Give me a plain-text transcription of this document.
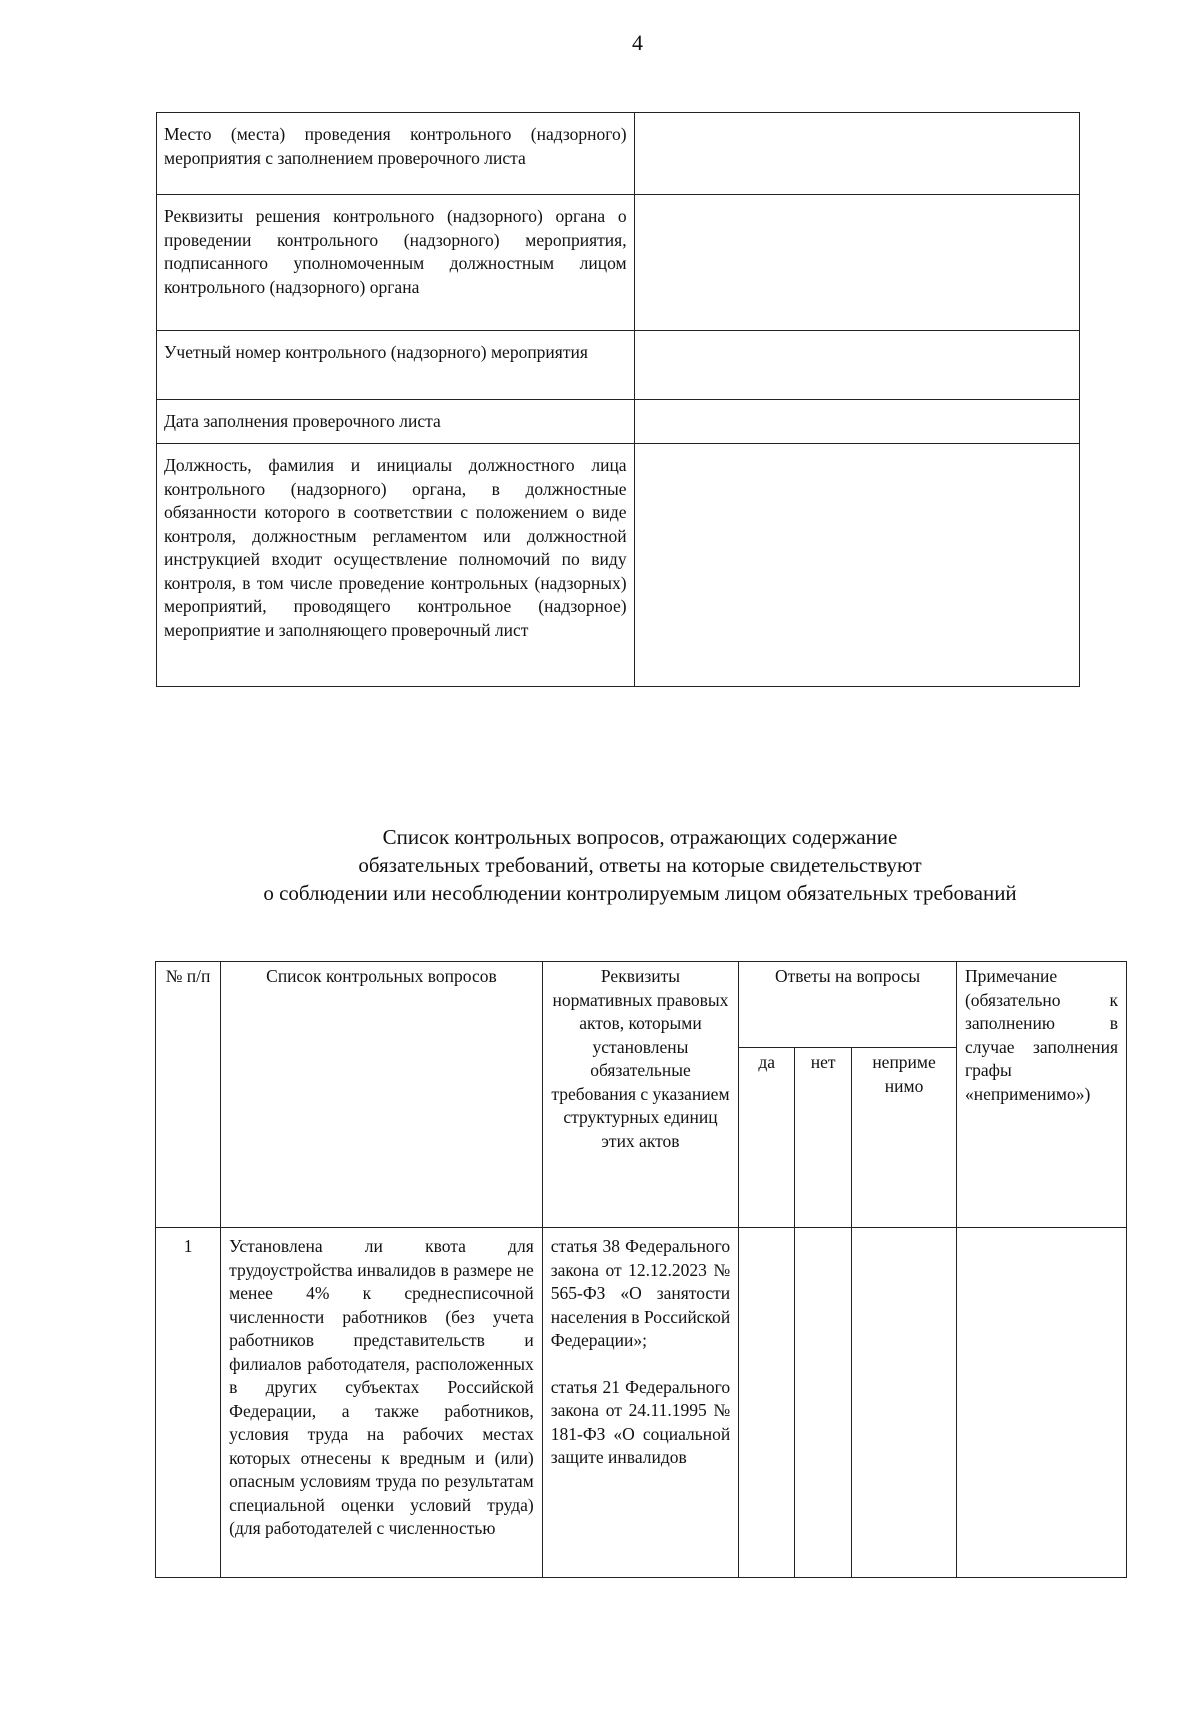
4
Место (места) проведения контрольного (надзорного) мероприятия с заполнением проверочного листа	
Реквизиты решения контрольного (надзорного) органа о проведении контрольного (надзорного) мероприятия, подписанного уполномоченным должностным лицом контрольного (надзорного) органа	
Учетный номер контрольного (надзорного) мероприятия	
Дата заполнения проверочного листа	
Должность, фамилия и инициалы должностного лица контрольного (надзорного) органа, в должностные обязанности которого в соответствии с положением о виде контроля, должностным регламентом или должностной инструкцией входит осуществление полномочий по виду контроля, в том числе проведение контрольных (надзорных) мероприятий, проводящего контрольное (надзорное) мероприятие и заполняющего проверочный лист	
Список контрольных вопросов, отражающих содержание
обязательных требований, ответы на которые свидетельствуют
о соблюдении или несоблюдении контролируемым лицом обязательных требований
№ п/п	Список контрольных вопросов	Реквизиты нормативных правовых актов, которыми установлены обязательные требования с указанием структурных единиц этих актов	Ответы на вопросы			Примечание (обязательно к заполнению в случае заполнения графы «неприменимо»)
			да	нет	неприме нимо	
1	Установлена ли квота для трудоустройства инвалидов в размере не менее 4% к среднесписочной численности работников (без учета работников представительств и филиалов работодателя, расположенных в других субъектах Российской Федерации, а также работников, условия труда на рабочих местах которых отнесены к вредным и (или) опасным условиям труда по результатам специальной оценки условий труда) (для работодателей с численностью	статья 38 Федерального закона от 12.12.2023 № 565-ФЗ «О занятости населения в Российской Федерации»;
статья 21 Федерального закона от 24.11.1995 № 181-ФЗ «О социальной защите инвалидов				
